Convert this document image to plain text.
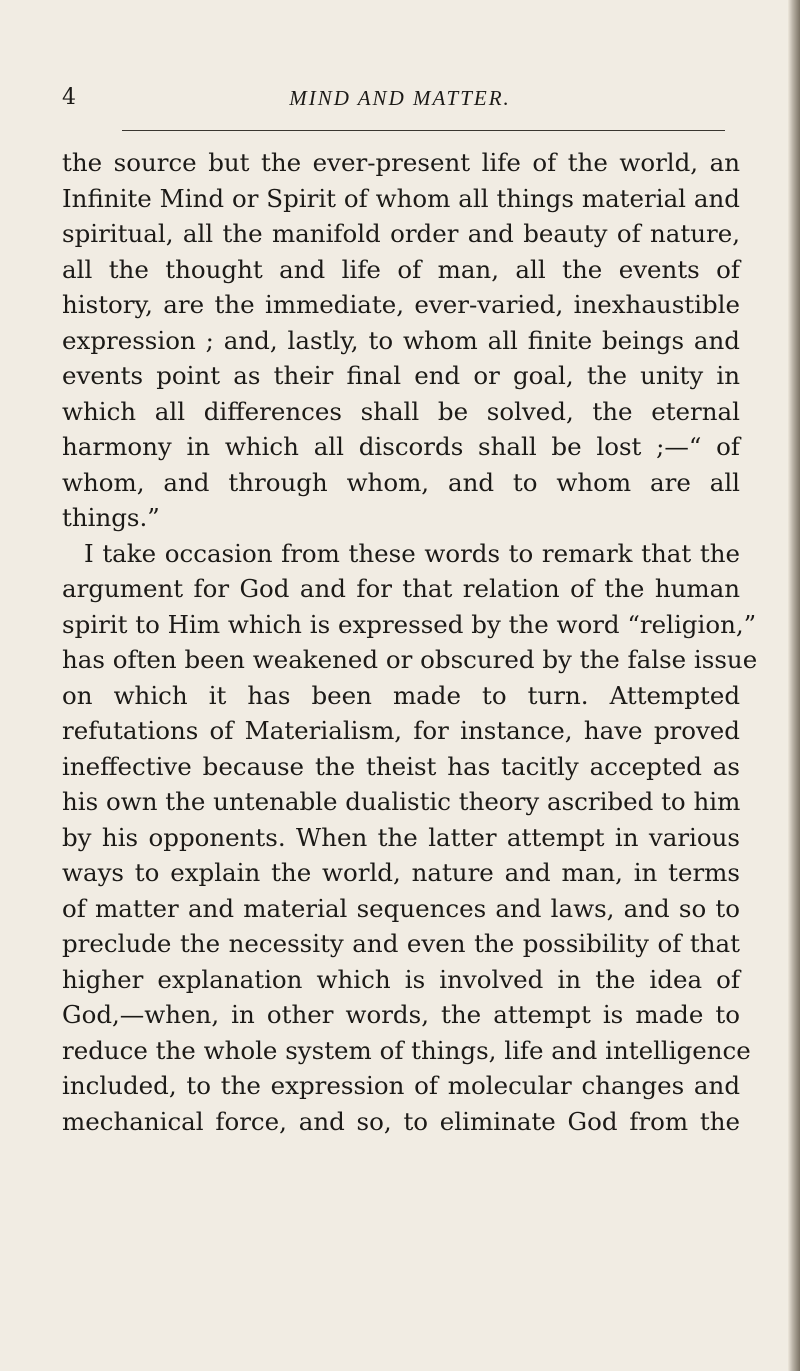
4	MIND AND MATTER.
the source but the ever-present life of the world, an
Infinite Mind or Spirit of whom all things material and
spiritual, all the manifold order and beauty of nature,
all the thought and life of man, all the events of
history, are the immediate, ever-varied, inexhaustible
expression ; and, lastly, to whom all finite beings and
events point as their final end or goal, the unity in
which all differences shall be solved, the eternal
harmony in which all discords shall be lost ;—“ of
whom, and through whom, and to whom are all
things.”
I take occasion from these words to remark that the
argument for God and for that relation of the human
spirit to Him which is expressed by the word “religion,”
has often been weakened or obscured by the false issue
on which it has been made to turn. Attempted
refutations of Materialism, for instance, have proved
ineffective because the theist has tacitly accepted as
his own the untenable dualistic theory ascribed to him
by his opponents. When the latter attempt in various
ways to explain the world, nature and man, in terms
of matter and material sequences and laws, and so to
preclude the necessity and even the possibility of that
higher explanation which is involved in the idea of
God,—when, in other words, the attempt is made to
reduce the whole system of things, life and intelligence
included, to the expression of molecular changes and
mechanical force, and so, to eliminate God from the
